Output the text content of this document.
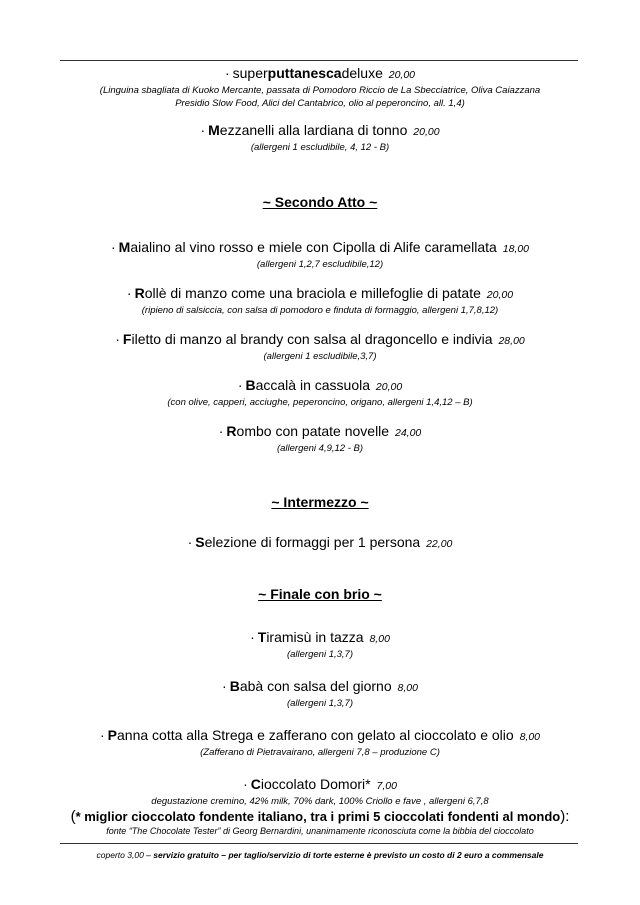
· superputtanescadeluxe 20,00
(Linguina sbagliata di Kuoko Mercante, passata di Pomodoro Riccio de La Sbecciatrice, Oliva Caiazzana
Presidio Slow Food, Alici del Cantabrico, olio al peperoncino, all. 1,4)
· Mezzanelli alla lardiana di tonno 20,00
(allergeni 1 escludibile, 4, 12 - B)
~ Secondo Atto ~
· Maialino al vino rosso e miele con Cipolla di Alife caramellata 18,00
(allergeni 1,2,7 escludibile,12)
· Rollè di manzo come una braciola e millefoglie di patate 20,00
(ripieno di salsiccia, con salsa di pomodoro e finduta di formaggio, allergeni 1,7,8,12)
· Filetto di manzo al brandy con salsa al dragoncello e indivia 28,00
(allergeni 1 escludibile,3,7)
· Baccalà in cassuola 20,00
(con olive, capperi, acciughe, peperoncino, origano, allergeni 1,4,12 – B)
· Rombo con patate novelle 24,00
(allergeni 4,9,12 - B)
~ Intermezzo ~
· Selezione di formaggi per 1 persona 22,00
~ Finale con brio ~
· Tiramisù in tazza 8,00
(allergeni 1,3,7)
· Babà con salsa del giorno 8,00
(allergeni 1,3,7)
· Panna cotta alla Strega e zafferano con gelato al cioccolato e olio 8,00
(Zafferano di Pietravairano, allergeni 7,8 – produzione C)
· Cioccolato Domori* 7,00
degustazione cremino, 42% milk, 70% dark, 100% Criollo e fave , allergeni 6,7,8
(* miglior cioccolato fondente italiano, tra i primi 5 cioccolati fondenti al mondo):
fonte “The Chocolate Tester” di Georg Bernardini, unanimamente riconosciuta come la bibbia del cioccolato
coperto 3,00 – servizio gratuito – per taglio/servizio di torte esterne è previsto un costo di 2 euro a commensale
